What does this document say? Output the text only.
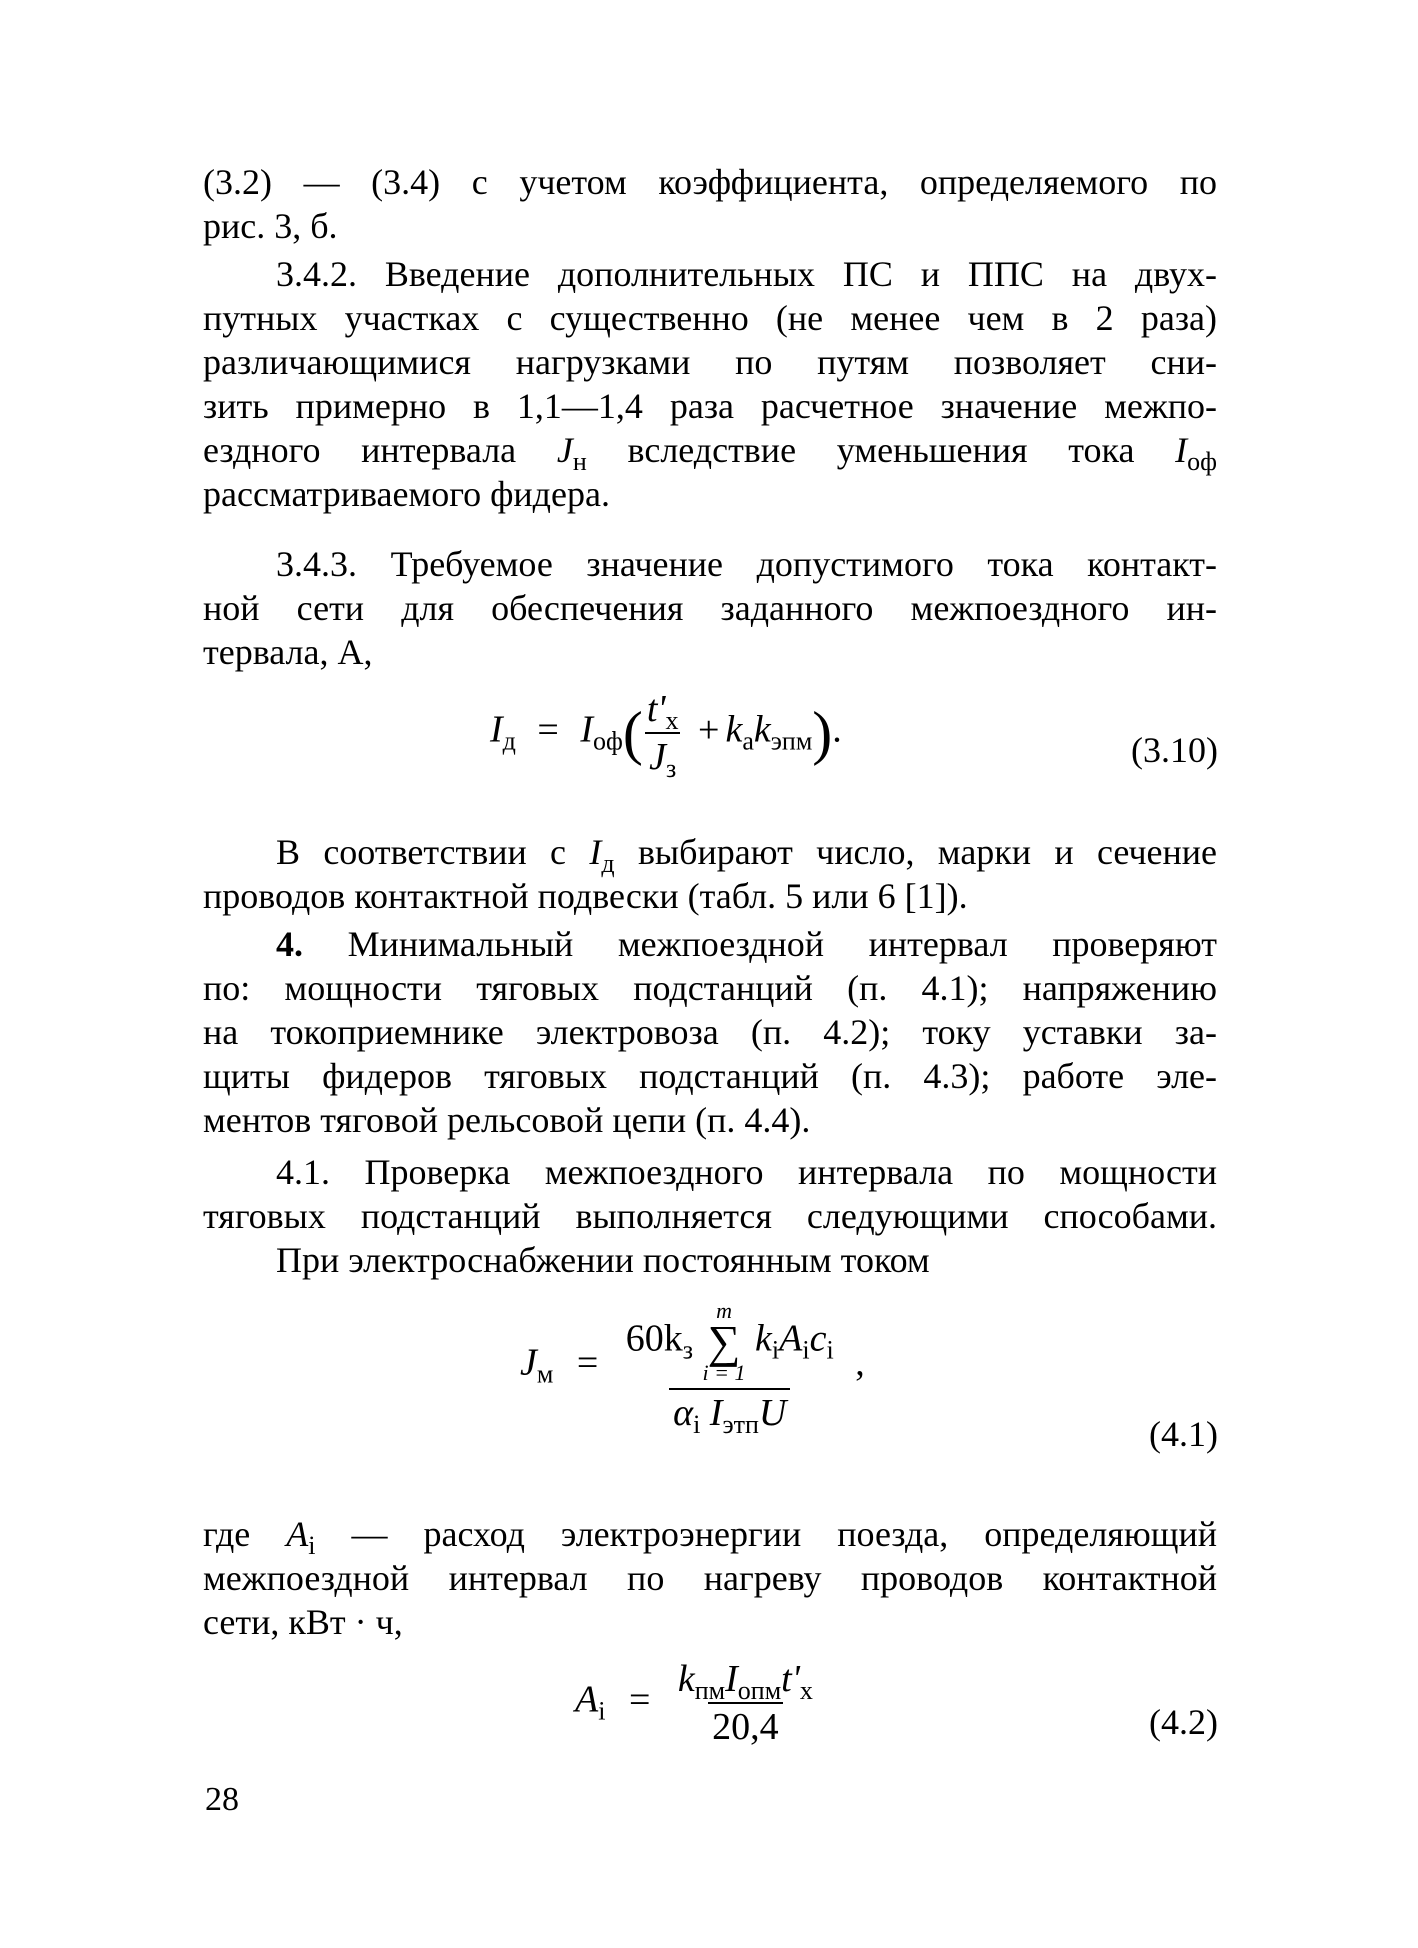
(3.2) — (3.4) с учетом коэффициента, определяемого по
рис. 3, б.
3.4.2. Введение дополнительных ПС и ППС на двух-
путных участках с существенно (не менее чем в 2 раза)
различающимися нагрузками по путям позволяет сни-
зить примерно в 1,1—1,4 раза расчетное значение межпо-
ездного интервала $J_н$ вследствие уменьшения тока $I_{оф}$
рассматриваемого фидера.
3.4.3. Требуемое значение допустимого тока контакт-
ной сети для обеспечения заданного межпоездного ин-
тервала, А,
$I_д = I_{оф}( \frac{t'_х}{J_з} + k_ak_{эпм})$.	(3.10)
В соответствии с $I_д$ выбирают число, марки и сечение
проводов контактной подвески (табл. 5 или 6 [1]).
4. Минимальный межпоездной интервал проверяют
по: мощности тяговых подстанций (п. 4.1); напряжению
на токоприемнике электровоза (п. 4.2); току уставки за-
щиты фидеров тяговых подстанций (п. 4.3); работе эле-
ментов тяговой рельсовой цепи (п. 4.4).
4.1. Проверка межпоездного интервала по мощности
тяговых подстанций выполняется следующими способами.
При электроснабжении постоянным током
$J_м$ =
$60k_з$
m
∑
i = 1
$k_iA_ic_i$
$\alpha_i$ $I_{этп}U$
,
(4.1)
где $A_i$ — расход электроэнергии поезда, определяющий
межпоездной интервал по нагреву проводов контактной
сети, кВт · ч,
$A_i = \frac{k_{пм}I_{опм}t'_х}{20,4}$	(4.2)
28
